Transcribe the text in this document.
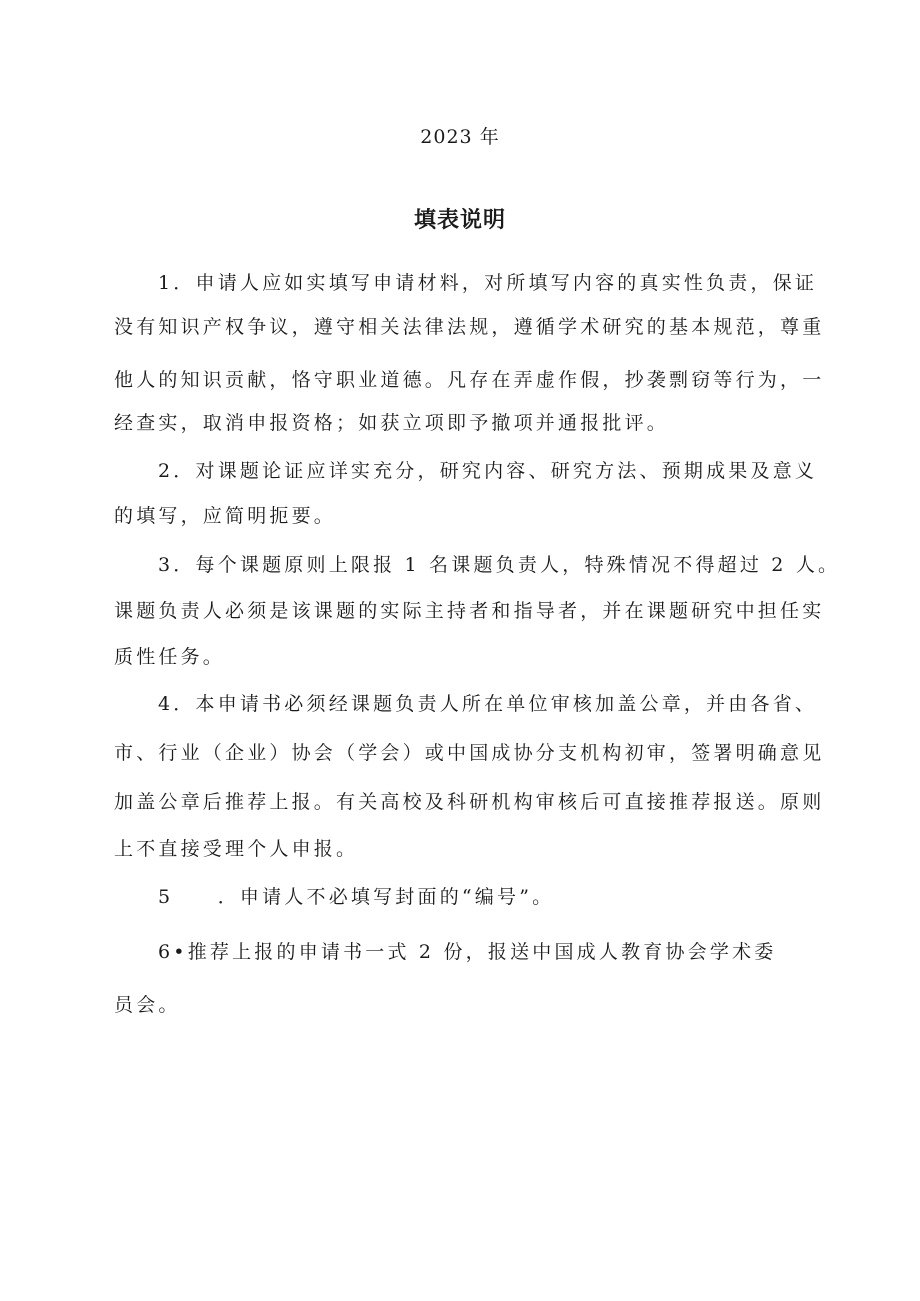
2023 年
填表说明
1．申请人应如实填写申请材料，对所填写内容的真实性负责，保证
没有知识产权争议，遵守相关法律法规，遵循学术研究的基本规范，尊重
他人的知识贡献，恪守职业道德。凡存在弄虚作假，抄袭剽窃等行为，一
经查实，取消申报资格；如获立项即予撤项并通报批评。
2．对课题论证应详实充分，研究内容、研究方法、预期成果及意义
的填写，应简明扼要。
3．每个课题原则上限报 1 名课题负责人，特殊情况不得超过 2 人。
课题负责人必须是该课题的实际主持者和指导者，并在课题研究中担任实
质性任务。
4．本申请书必须经课题负责人所在单位审核加盖公章，并由各省、
市、行业（企业）协会（学会）或中国成协分支机构初审，签署明确意见
加盖公章后推荐上报。有关高校及科研机构审核后可直接推荐报送。原则
上不直接受理个人申报。
5　　．申请人不必填写封面的“编号”。
6•推荐上报的申请书一式 2 份，报送中国成人教育协会学术委
员会。
